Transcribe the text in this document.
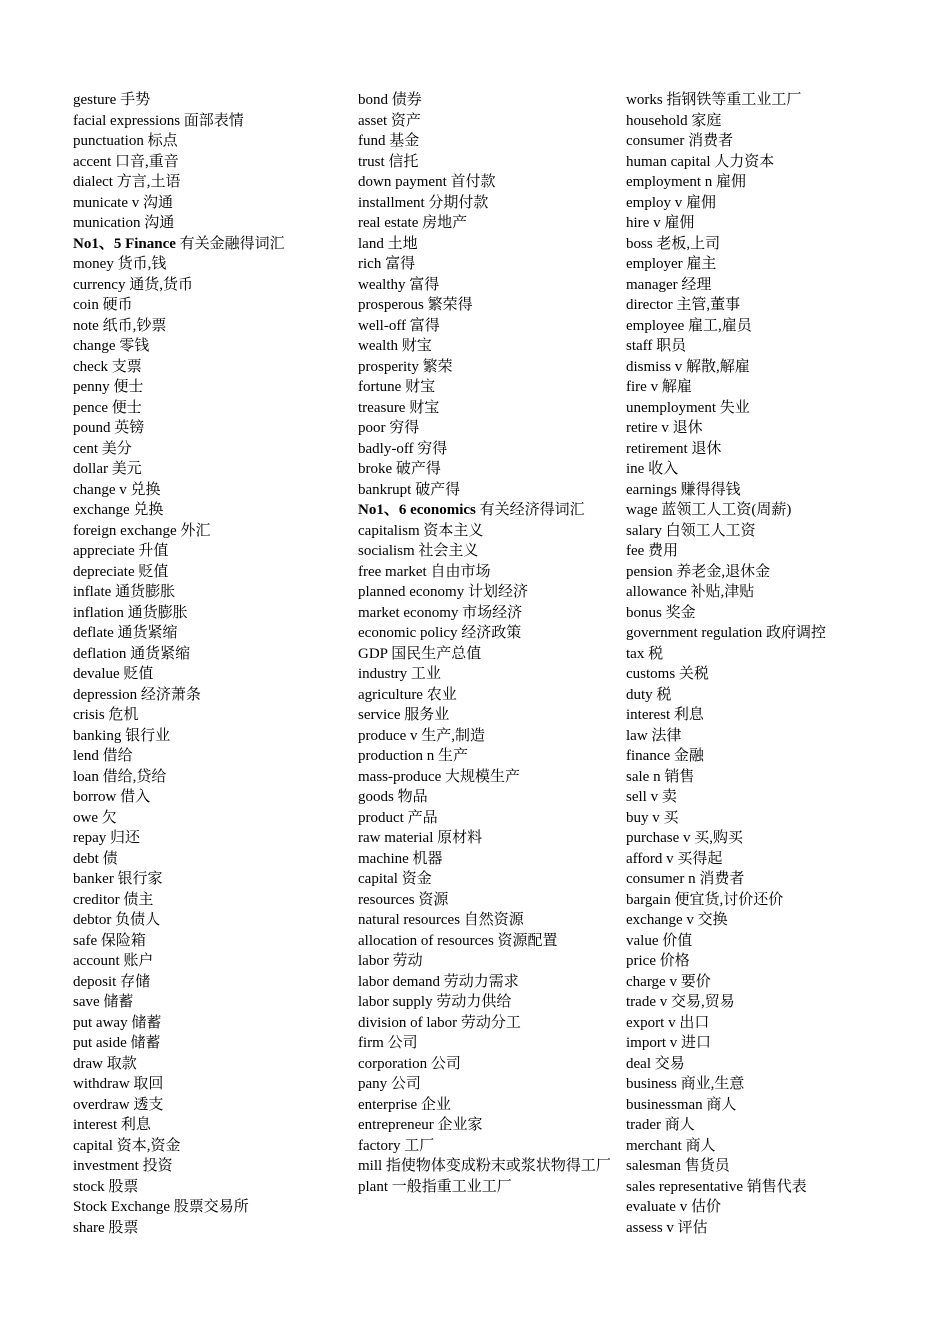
gesture 手势
facial expressions 面部表情
punctuation 标点
accent 口音,重音
dialect 方言,土语
municate v 沟通
munication 沟通
No1、5 Finance 有关金融得词汇
money 货币,钱
currency 通货,货币
coin 硬币
note 纸币,钞票
change 零钱
check 支票
penny 便士
pence 便士
pound 英镑
cent 美分
dollar 美元
change v 兑换
exchange 兑换
foreign exchange 外汇
appreciate 升值
depreciate 贬值
inflate 通货膨胀
inflation 通货膨胀
deflate 通货紧缩
deflation 通货紧缩
devalue 贬值
depression 经济萧条
crisis 危机
banking 银行业
lend 借给
loan 借给,贷给
borrow 借入
owe 欠
repay 归还
debt 债
banker 银行家
creditor 债主
debtor 负债人
safe 保险箱
account 账户
deposit 存储
save 储蓄
put away 储蓄
put aside 储蓄
draw 取款
withdraw 取回
overdraw 透支
interest 利息
capital 资本,资金
investment 投资
stock 股票
Stock Exchange 股票交易所
share 股票
bond 债券
asset 资产
fund 基金
trust 信托
down payment 首付款
installment 分期付款
real estate 房地产
land 土地
rich 富得
wealthy 富得
prosperous 繁荣得
well-off 富得
wealth 财宝
prosperity 繁荣
fortune 财宝
treasure 财宝
poor 穷得
badly-off 穷得
broke 破产得
bankrupt 破产得
No1、6 economics 有关经济得词汇
capitalism 资本主义
socialism 社会主义
free market 自由市场
planned economy 计划经济
market economy 市场经济
economic policy 经济政策
GDP 国民生产总值
industry 工业
agriculture 农业
service 服务业
produce v 生产,制造
production n 生产
mass-produce 大规模生产
goods 物品
product 产品
raw material 原材料
machine 机器
capital 资金
resources 资源
natural resources 自然资源
allocation of resources 资源配置
labor 劳动
labor demand 劳动力需求
labor supply 劳动力供给
division of labor 劳动分工
firm 公司
corporation 公司
pany 公司
enterprise 企业
entrepreneur 企业家
factory 工厂
mill 指使物体变成粉末或浆状物得工厂
plant 一般指重工业工厂
works 指钢铁等重工业工厂
household 家庭
consumer 消费者
human capital 人力资本
employment n 雇佣
employ v 雇佣
hire v 雇佣
boss 老板,上司
employer 雇主
manager 经理
director 主管,董事
employee 雇工,雇员
staff 职员
dismiss v 解散,解雇
fire v 解雇
unemployment 失业
retire v 退休
retirement 退休
ine 收入
earnings 赚得得钱
wage 蓝领工人工资(周薪)
salary 白领工人工资
fee 费用
pension 养老金,退休金
allowance 补贴,津贴
bonus 奖金
government regulation 政府调控
tax 税
customs 关税
duty 税
interest 利息
law 法律
finance 金融
sale n 销售
sell v 卖
buy v 买
purchase v 买,购买
afford v 买得起
consumer n 消费者
bargain 便宜货,讨价还价
exchange v 交换
value 价值
price 价格
charge v 要价
trade v 交易,贸易
export v 出口
import v 进口
deal 交易
business 商业,生意
businessman 商人
trader 商人
merchant 商人
salesman 售货员
sales representative 销售代表
evaluate v 估价
assess v 评估
